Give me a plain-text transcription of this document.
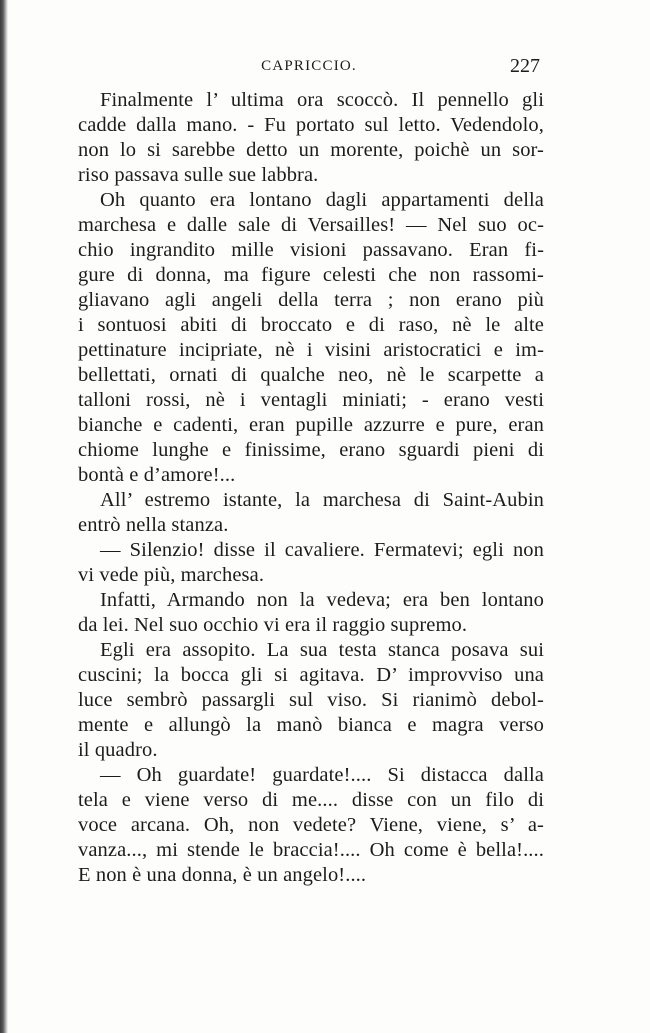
CAPRICCIO.	227

Finalmente l’ ultima ora scoccò. Il pennello gli
cadde dalla mano. - Fu portato sul letto. Vedendolo,
non lo si sarebbe detto un morente, poichè un sor-
riso passava sulle sue labbra.

Oh quanto era lontano dagli appartamenti della
marchesa e dalle sale di Versailles! — Nel suo oc-
chio ingrandito mille visioni passavano. Eran fi-
gure di donna, ma figure celesti che non rassomi-
gliavano agli angeli della terra ; non erano più
i sontuosi abiti di broccato e di raso, nè le alte
pettinature incipriate, nè i visini aristocratici e im-
bellettati, ornati di qualche neo, nè le scarpette a
talloni rossi, nè i ventagli miniati; - erano vesti
bianche e cadenti, eran pupille azzurre e pure, eran
chiome lunghe e finissime, erano sguardi pieni di
bontà e d’amore!...

All’ estremo istante, la marchesa di Saint-Aubin
entrò nella stanza.

— Silenzio! disse il cavaliere. Fermatevi; egli non
vi vede più, marchesa.

Infatti, Armando non la vedeva; era ben lontano
da lei. Nel suo occhio vi era il raggio supremo.

Egli era assopito. La sua testa stanca posava sui
cuscini; la bocca gli si agitava. D’ improvviso una
luce sembrò passargli sul viso. Si rianimò debol-
mente e allungò la manò bianca e magra verso
il quadro.

— Oh guardate! guardate!.... Si distacca dalla
tela e viene verso di me.... disse con un filo di
voce arcana. Oh, non vedete? Viene, viene, s’ a-
vanza..., mi stende le braccia!.... Oh come è bella!....
E non è una donna, è un angelo!....
